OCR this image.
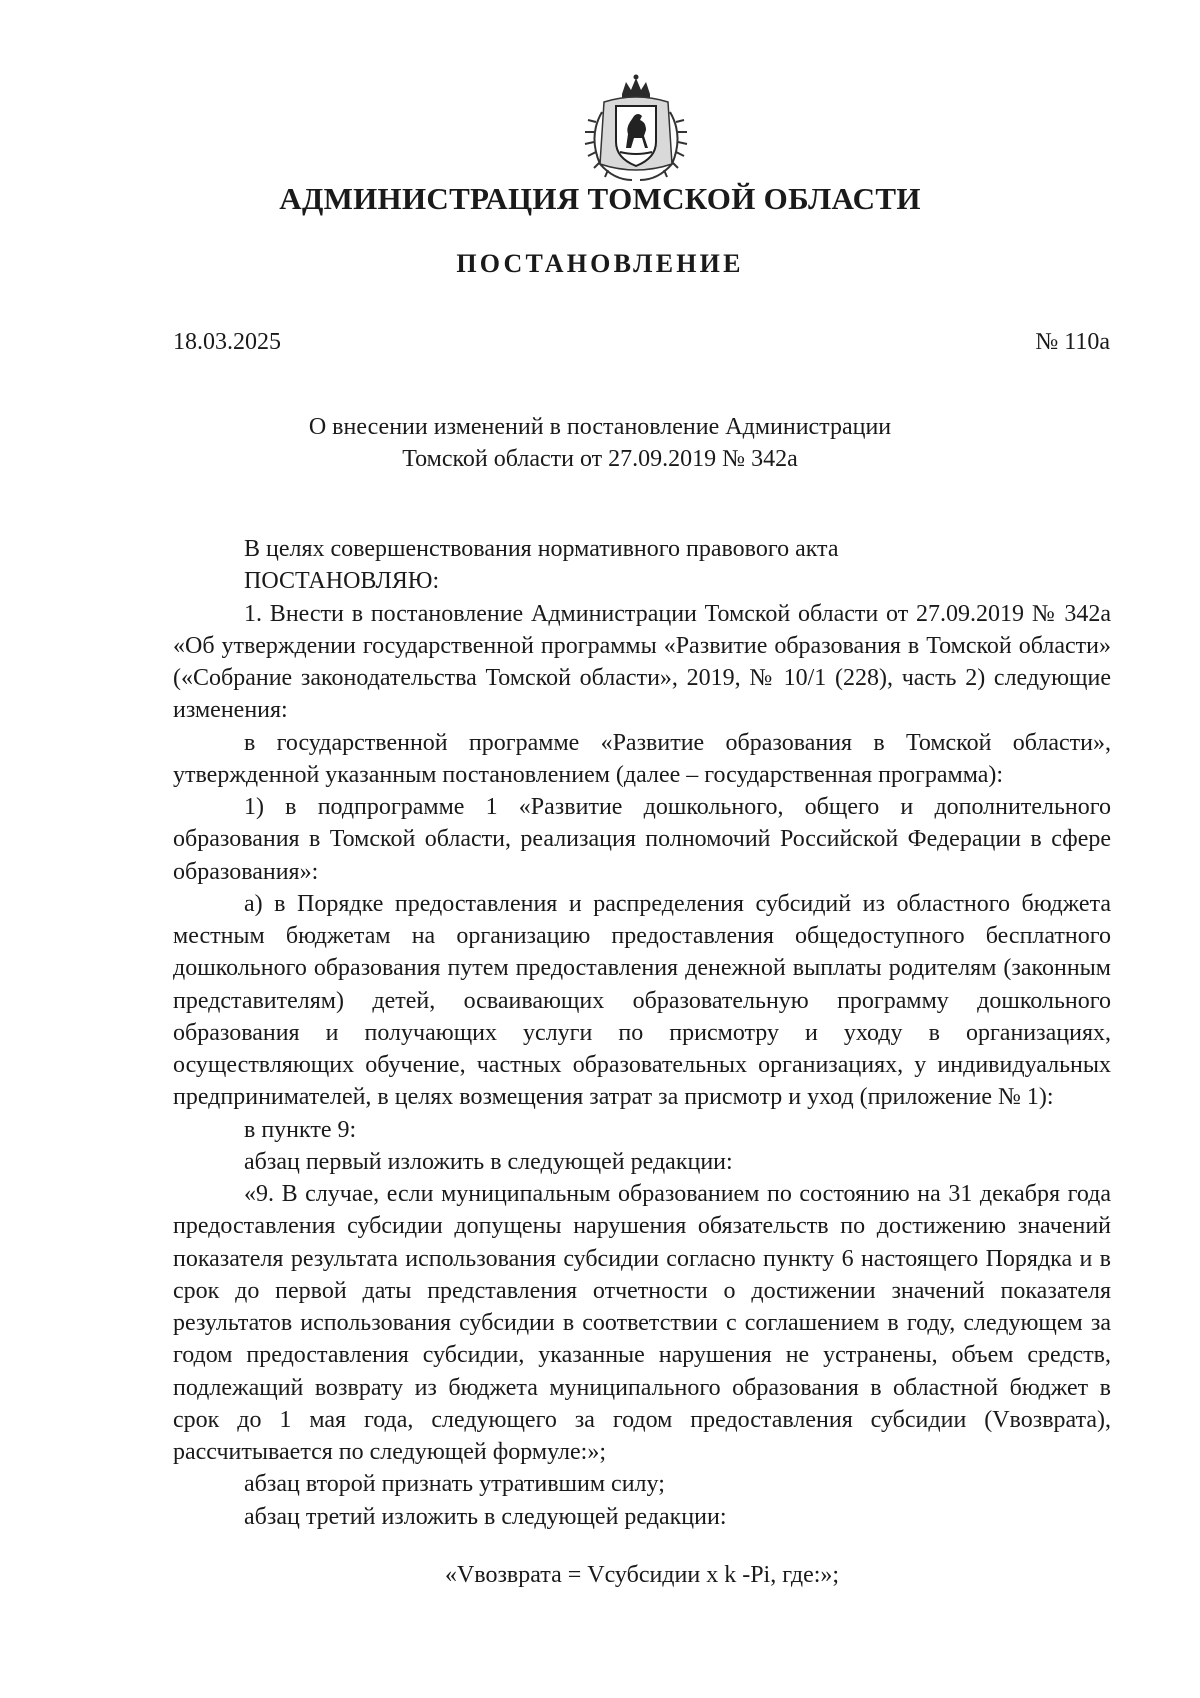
АДМИНИСТРАЦИЯ ТОМСКОЙ ОБЛАСТИ
ПОСТАНОВЛЕНИЕ
18.03.2025	№ 110а
О внесении изменений в постановление Администрации
Томской области от 27.09.2019 № 342а

В целях совершенствования нормативного правового акта

ПОСТАНОВЛЯЮ:

1. Внести в постановление Администрации Томской области от 27.09.2019 № 342а «Об утверждении государственной программы «Развитие образования в Томской области» («Собрание законодательства Томской области», 2019, № 10/1 (228), часть 2) следующие изменения:

в государственной программе «Развитие образования в Томской области», утвержденной указанным постановлением (далее – государственная программа):

1) в подпрограмме 1 «Развитие дошкольного, общего и дополнительного образования в Томской области, реализация полномочий Российской Федерации в сфере образования»:

а) в Порядке предоставления и распределения субсидий из областного бюджета местным бюджетам на организацию предоставления общедоступного бесплатного дошкольного образования путем предоставления денежной выплаты родителям (законным представителям) детей, осваивающих образовательную программу дошкольного образования и получающих услуги по присмотру и уходу в организациях, осуществляющих обучение, частных образовательных организациях, у индивидуальных предпринимателей, в целях возмещения затрат за присмотр и уход (приложение № 1):

в пункте 9:

абзац первый изложить в следующей редакции:

«9. В случае, если муниципальным образованием по состоянию на 31 декабря года предоставления субсидии допущены нарушения обязательств по достижению значений показателя результата использования субсидии согласно пункту 6 настоящего Порядка и в срок до первой даты представления отчетности о достижении значений показателя результатов использования субсидии в соответствии с соглашением в году, следующем за годом предоставления субсидии, указанные нарушения не устранены, объем средств, подлежащий возврату из бюджета муниципального образования в областной бюджет в срок до 1 мая года, следующего за годом предоставления субсидии (Vвозврата), рассчитывается по следующей формуле:»;

абзац второй признать утратившим силу;

абзац третий изложить в следующей редакции:

«Vвозврата = Vсубсидии x k -Pi, где:»;
